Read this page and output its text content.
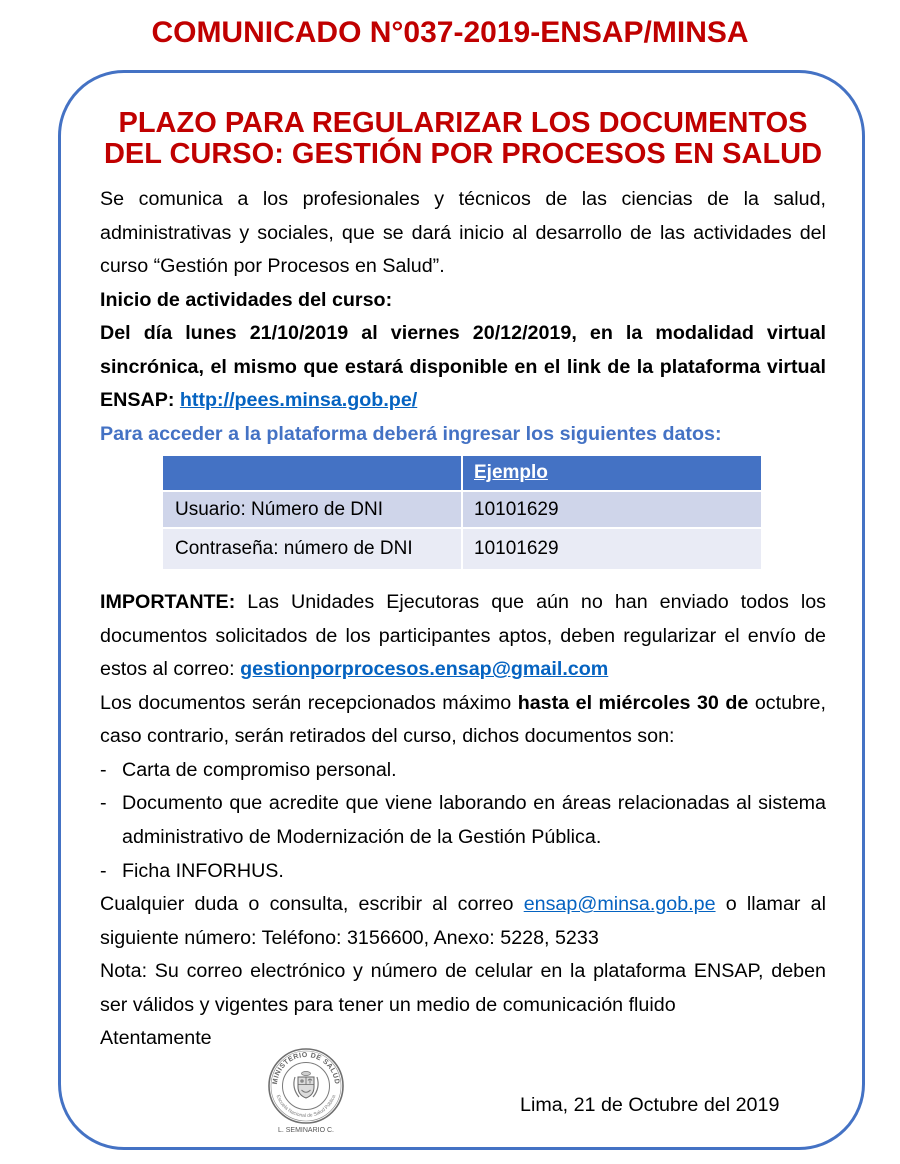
COMUNICADO N°037-2019-ENSAP/MINSA
PLAZO PARA REGULARIZAR LOS DOCUMENTOS DEL CURSO: GESTIÓN POR PROCESOS EN SALUD

Se comunica a los profesionales y técnicos de las ciencias de la salud, administrativas y sociales, que se dará inicio al desarrollo de las actividades del curso “Gestión por Procesos en Salud”.

Inicio de actividades del curso:

Del día lunes 21/10/2019 al viernes 20/12/2019, en la modalidad virtual sincrónica, el mismo que estará disponible en el link de la plataforma virtual ENSAP: http://pees.minsa.gob.pe/

Para acceder a la plataforma deberá ingresar los siguientes datos:

	Ejemplo
Usuario: Número de DNI	10101629
Contraseña: número de DNI	10101629

IMPORTANTE: Las Unidades Ejecutoras que aún no han enviado todos los documentos solicitados de los participantes aptos, deben regularizar el envío de estos al correo: gestionporprocesos.ensap@gmail.com

Los documentos serán recepcionados máximo hasta el miércoles 30 de octubre, caso contrario, serán retirados del curso, dichos documentos son:

- Carta de compromiso personal.
- Documento que acredite que viene laborando en áreas relacionadas al sistema administrativo de Modernización de la Gestión Pública.
- Ficha INFORHUS.

Cualquier duda o consulta, escribir al correo ensap@minsa.gob.pe o llamar al siguiente número: Teléfono: 3156600, Anexo: 5228, 5233

Nota: Su correo electrónico y número de celular en la plataforma ENSAP, deben ser válidos y vigentes para tener un medio de comunicación fluido

Atentamente

MINISTERIO DE SALUD
Escuela Nacional de Salud Pública
L. SEMINARIO C.
Lima, 21 de Octubre del 2019
